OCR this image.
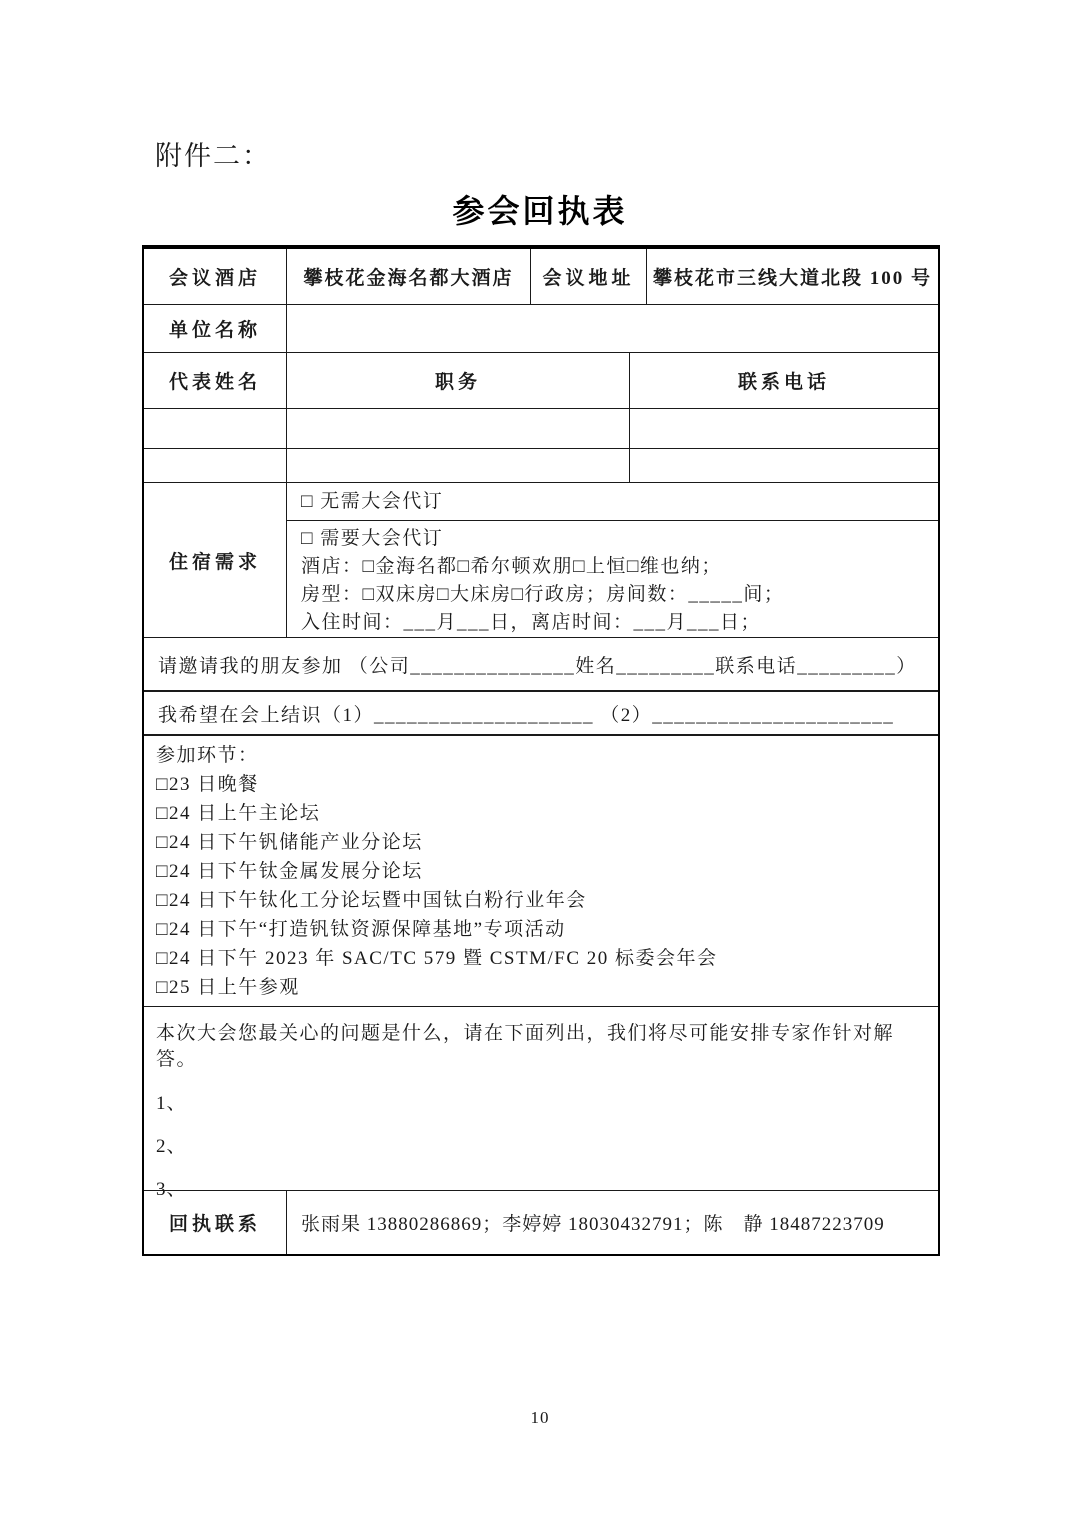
附件二：
参会回执表
会议酒店 攀枝花金海名都大酒店 会议地址 攀枝花市三线大道北段 100 号
单位名称
代表姓名	职务	联系电话
住宿需求
□ 无需大会代订
□ 需要大会代订
酒店：□金海名都□希尔顿欢朋□上恒□维也纳；
房型：□双床房□大床房□行政房；房间数：_____间；
入住时间：___月___日，离店时间：___月___日；
请邀请我的朋友参加 （公司_______________姓名_________联系电话_________）
我希望在会上结识（1）____________________ （2）______________________
参加环节：
□23 日晚餐
□24 日上午主论坛
□24 日下午钒储能产业分论坛
□24 日下午钛金属发展分论坛
□24 日下午钛化工分论坛暨中国钛白粉行业年会
□24 日下午“打造钒钛资源保障基地”专项活动
□24 日下午 2023 年 SAC/TC 579 暨 CSTM/FC 20 标委会年会
□25 日上午参观
本次大会您最关心的问题是什么，请在下面列出，我们将尽可能安排专家作针对解答。
1、
2、
3、
回执联系 张雨果 13880286869；李婷婷 18030432791；陈　静 18487223709
10
